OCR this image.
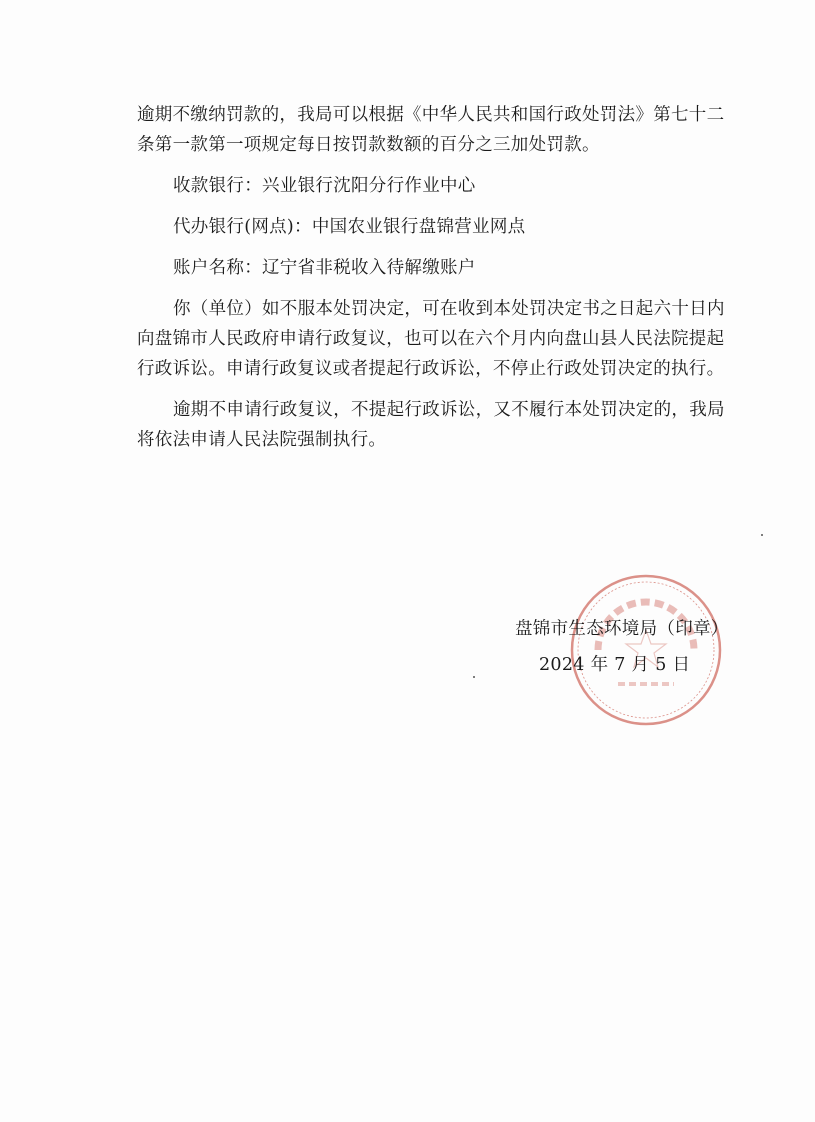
逾期不缴纳罚款的，我局可以根据《中华人民共和国行政处罚法》第七十二
条第一款第一项规定每日按罚款数额的百分之三加处罚款。

收款银行：兴业银行沈阳分行作业中心

代办银行(网点)：中国农业银行盘锦营业网点

账户名称：辽宁省非税收入待解缴账户

你（单位）如不服本处罚决定，可在收到本处罚决定书之日起六十日内
向盘锦市人民政府申请行政复议，也可以在六个月内向盘山县人民法院提起
行政诉讼。申请行政复议或者提起行政诉讼，不停止行政处罚决定的执行。

逾期不申请行政复议，不提起行政诉讼，又不履行本处罚决定的，我局
将依法申请人民法院强制执行。

盘锦市生态环境局（印章）
2024 年 7 月 5 日
